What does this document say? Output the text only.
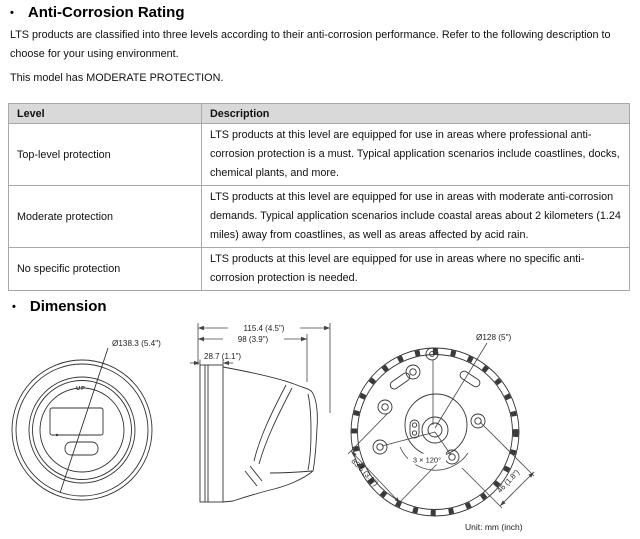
• Anti-Corrosion Rating
LTS products are classified into three levels according to their anti-corrosion performance. Refer to the following description to choose for your using environment.
This model has MODERATE PROTECTION.
Level	Description
Top-level protection	LTS products at this level are equipped for use in areas where professional anti-corrosion protection is a must. Typical application scenarios include coastlines, docks, chemical plants, and more.
Moderate protection	LTS products at this level are equipped for use in areas with moderate anti-corrosion demands. Typical application scenarios include coastal areas about 2 kilometers (1.24 miles) away from coastlines, as well as areas affected by acid rain.
No specific protection	LTS products at this level are equipped for use in areas where no specific anti-corrosion protection is needed.
• Dimension
UP
Ø138.3 (5.4")
115.4 (4.5")
98 (3.9")
28.7 (1.1")
3 × 120°
Ø128 (5")
83.5 (3.3")	46 (1.8")
Unit: mm (inch)
